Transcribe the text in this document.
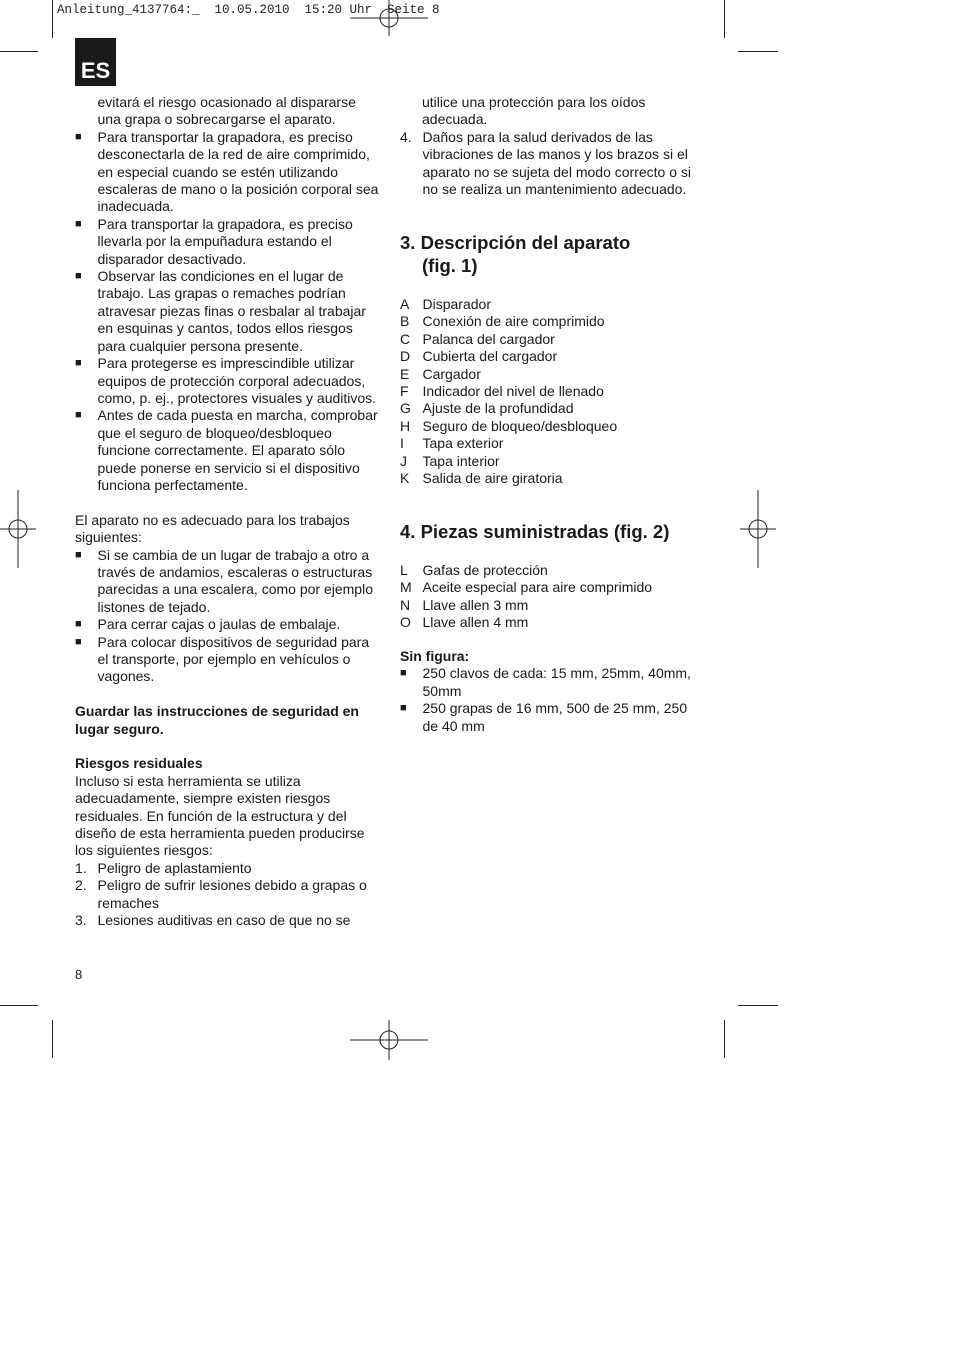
Anleitung_4137764:_  10.05.2010  15:20 Uhr  Seite 8
ES

evitará el riesgo ocasionado al dispararse una grapa o sobrecargarse el aparato.

■ Para transportar la grapadora, es preciso desconectarla de la red de aire comprimido, en especial cuando se estén utilizando escaleras de mano o la posición corporal sea inadecuada.
■ Para transportar la grapadora, es preciso llevarla por la empuñadura estando el disparador desactivado.
■ Observar las condiciones en el lugar de trabajo. Las grapas o remaches podrían atravesar piezas finas o resbalar al trabajar en esquinas y cantos, todos ellos riesgos para cualquier persona presente.
■ Para protegerse es imprescindible utilizar equipos de protección corporal adecuados, como, p. ej., protectores visuales y auditivos.
■ Antes de cada puesta en marcha, comprobar que el seguro de bloqueo/desbloqueo funcione correctamente. El aparato sólo puede ponerse en servicio si el dispositivo funciona perfectamente.

El aparato no es adecuado para los trabajos siguientes:

■ Si se cambia de un lugar de trabajo a otro a través de andamios, escaleras o estructuras parecidas a una escalera, como por ejemplo listones de tejado.
■ Para cerrar cajas o jaulas de embalaje.
■ Para colocar dispositivos de seguridad para el transporte, por ejemplo en vehículos o vagones.

Guardar las instrucciones de seguridad en lugar seguro.

Riesgos residuales

Incluso si esta herramienta se utiliza adecuadamente, siempre existen riesgos residuales. En función de la estructura y del diseño de esta herramienta pueden producirse los siguientes riesgos:

1. Peligro de aplastamiento
2. Peligro de sufrir lesiones debido a grapas o remaches
3. Lesiones auditivas en caso de que no se
8

utilice una protección para los oídos adecuada.

4. Daños para la salud derivados de las vibraciones de las manos y los brazos si el aparato no se sujeta del modo correcto o si no se realiza un mantenimiento adecuado.
3. Descripción del aparato
(fig. 1)
A Disparador
B Conexión de aire comprimido
C Palanca del cargador
D Cubierta del cargador
E Cargador
F Indicador del nivel de llenado
G Ajuste de la profundidad
H Seguro de bloqueo/desbloqueo
I Tapa exterior
J Tapa interior
K Salida de aire giratoria
4. Piezas suministradas (fig. 2)
L Gafas de protección
M Aceite especial para aire comprimido
N Llave allen 3 mm
O Llave allen 4 mm

Sin figura:

■ 250 clavos de cada: 15 mm, 25mm, 40mm, 50mm
■ 250 grapas de 16 mm, 500 de 25 mm, 250 de 40 mm
